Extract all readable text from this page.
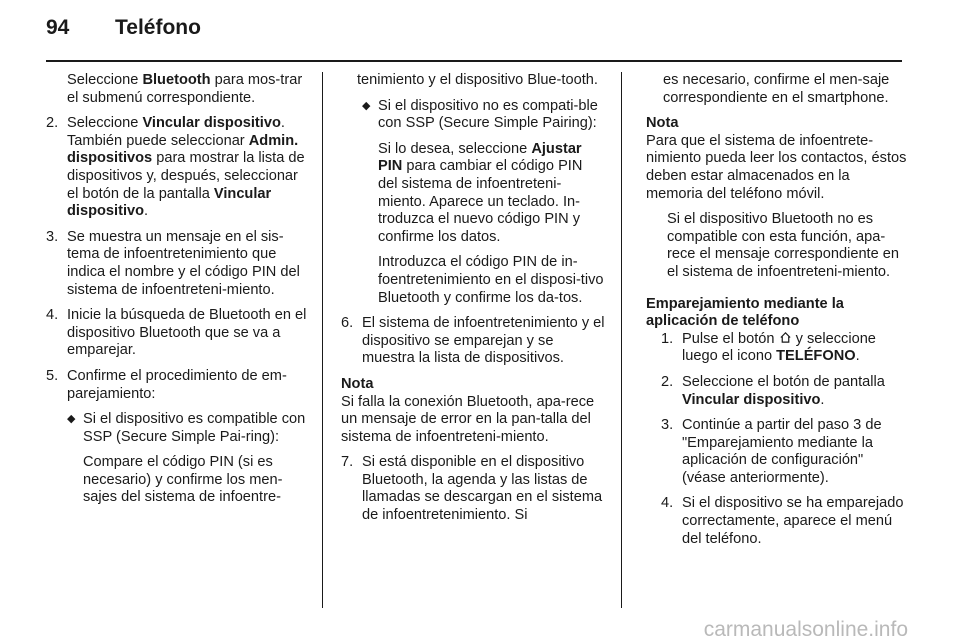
94 Teléfono
Seleccione Bluetooth para mos-trar el submenú correspondiente.
2. Seleccione Vincular dispositivo. También puede seleccionar Admin. dispositivos para mostrar la lista de dispositivos y, después, seleccionar el botón de la pantalla Vincular dispositivo.
3. Se muestra un mensaje en el sis-tema de infoentretenimiento que indica el nombre y el código PIN del sistema de infoentreteni-miento.
4. Inicie la búsqueda de Bluetooth en el dispositivo Bluetooth que se va a emparejar.
5. Confirme el procedimiento de em-parejamiento:
◆ Si el dispositivo es compatible con SSP (Secure Simple Pai-ring):
Compare el código PIN (si es necesario) y confirme los men-sajes del sistema de infoentre-
tenimiento y el dispositivo Blue-tooth.
◆ Si el dispositivo no es compati-ble con SSP (Secure Simple Pairing):
Si lo desea, seleccione Ajustar PIN para cambiar el código PIN del sistema de infoentreteni-miento. Aparece un teclado. In-troduzca el nuevo código PIN y confirme los datos.
Introduzca el código PIN de in-foentretenimiento en el disposi-tivo Bluetooth y confirme los da-tos.
6. El sistema de infoentretenimiento y el dispositivo se emparejan y se muestra la lista de dispositivos.
Nota
Si falla la conexión Bluetooth, apa-rece un mensaje de error en la pan-talla del sistema de infoentreteni-miento.
7. Si está disponible en el dispositivo Bluetooth, la agenda y las listas de llamadas se descargan en el sistema de infoentretenimiento. Si
es necesario, confirme el men-saje correspondiente en el smartphone.
Nota
Para que el sistema de infoentrete-nimiento pueda leer los contactos, éstos deben estar almacenados en la memoria del teléfono móvil.
Si el dispositivo Bluetooth no es compatible con esta función, apa-rece el mensaje correspondiente en el sistema de infoentreteni-miento.
Emparejamiento mediante la aplicación de teléfono
1. Pulse el botón  y seleccione luego el icono TELÉFONO.
2. Seleccione el botón de pantalla Vincular dispositivo.
3. Continúe a partir del paso 3 de "Emparejamiento mediante la aplicación de configuración" (véase anteriormente).
4. Si el dispositivo se ha emparejado correctamente, aparece el menú del teléfono.
carmanualsonline.info
